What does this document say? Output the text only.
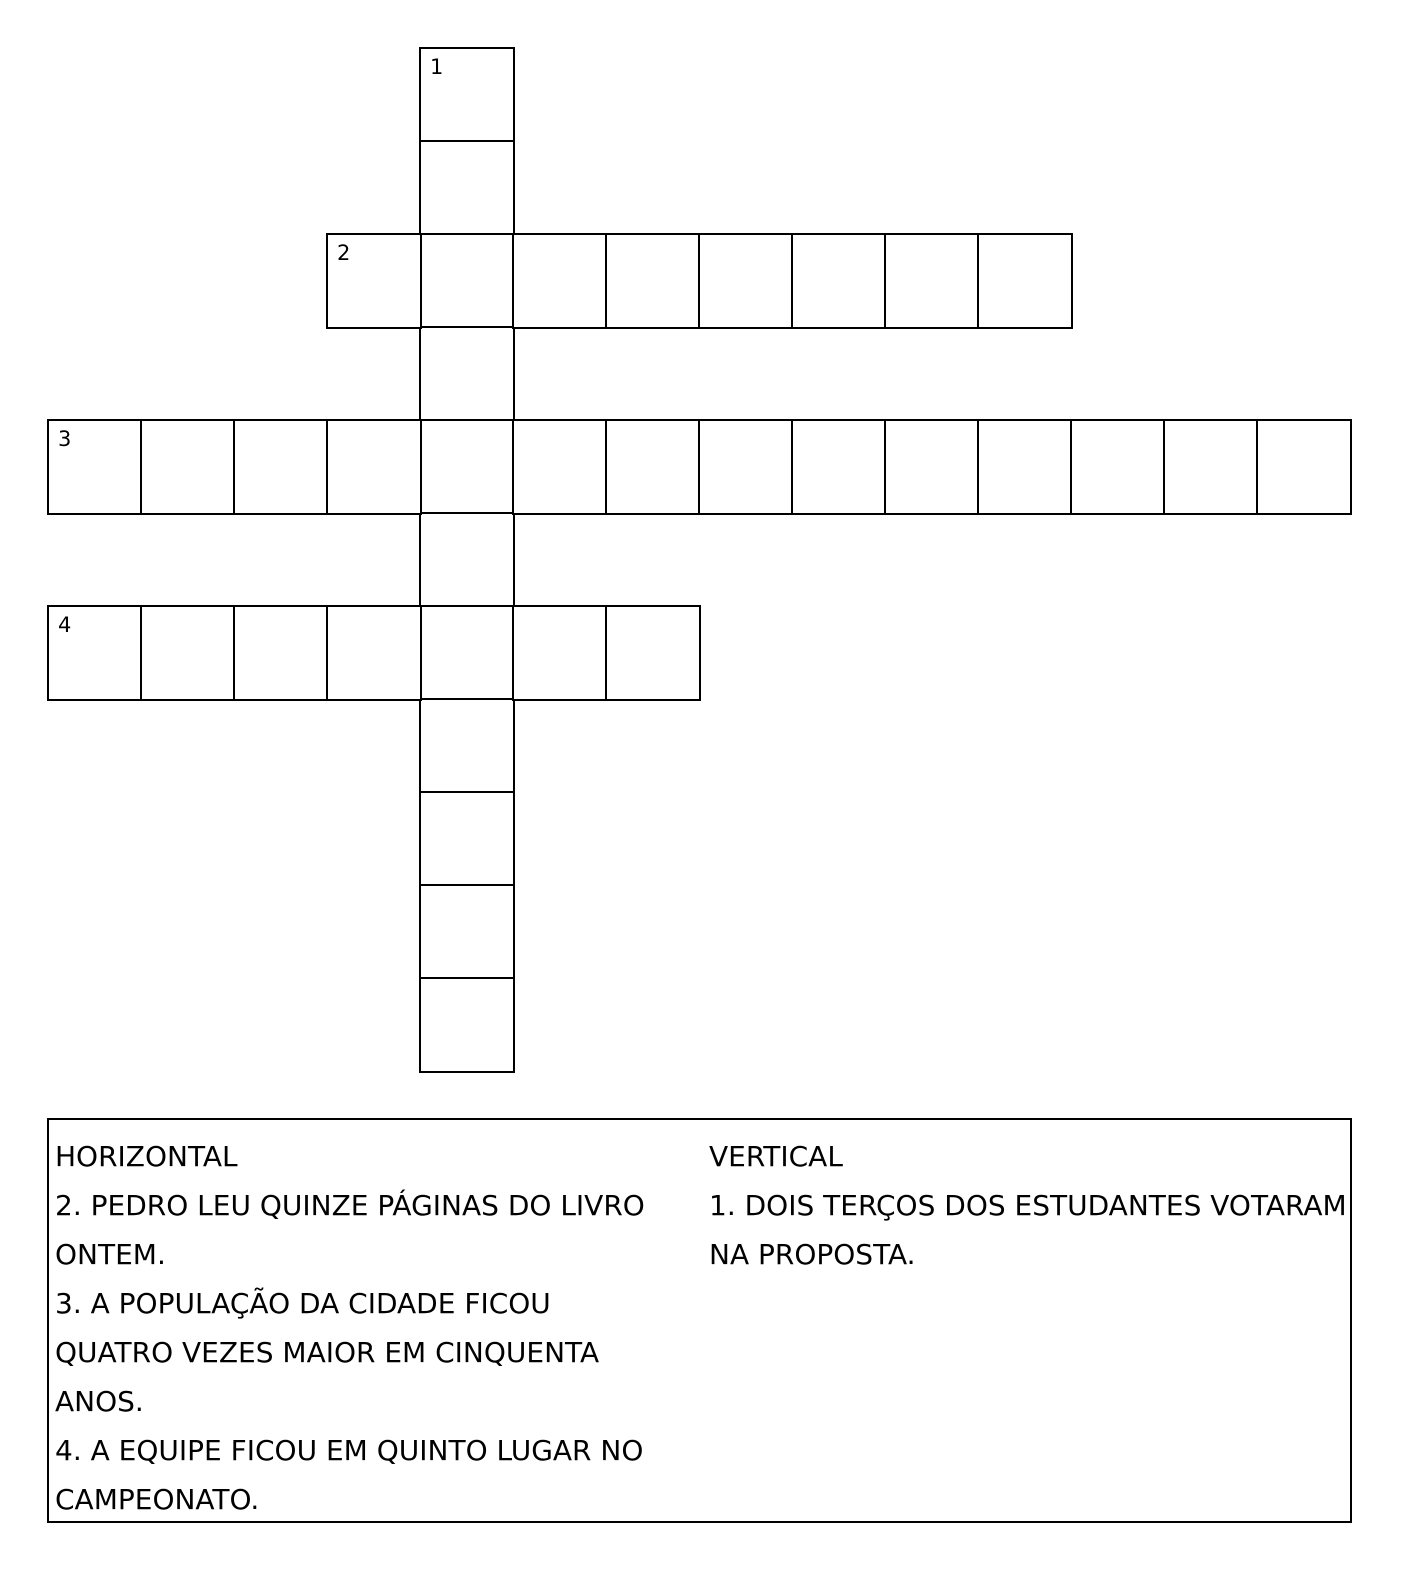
1
2
3
4
HORIZONTAL
2. PEDRO LEU QUINZE PÁGINAS DO LIVRO ONTEM.
3. A POPULAÇÃO DA CIDADE FICOU QUATRO VEZES MAIOR EM CINQUENTA ANOS.
4. A EQUIPE FICOU EM QUINTO LUGAR NO CAMPEONATO.
VERTICAL
1. DOIS TERÇOS DOS ESTUDANTES VOTARAM NA PROPOSTA.
